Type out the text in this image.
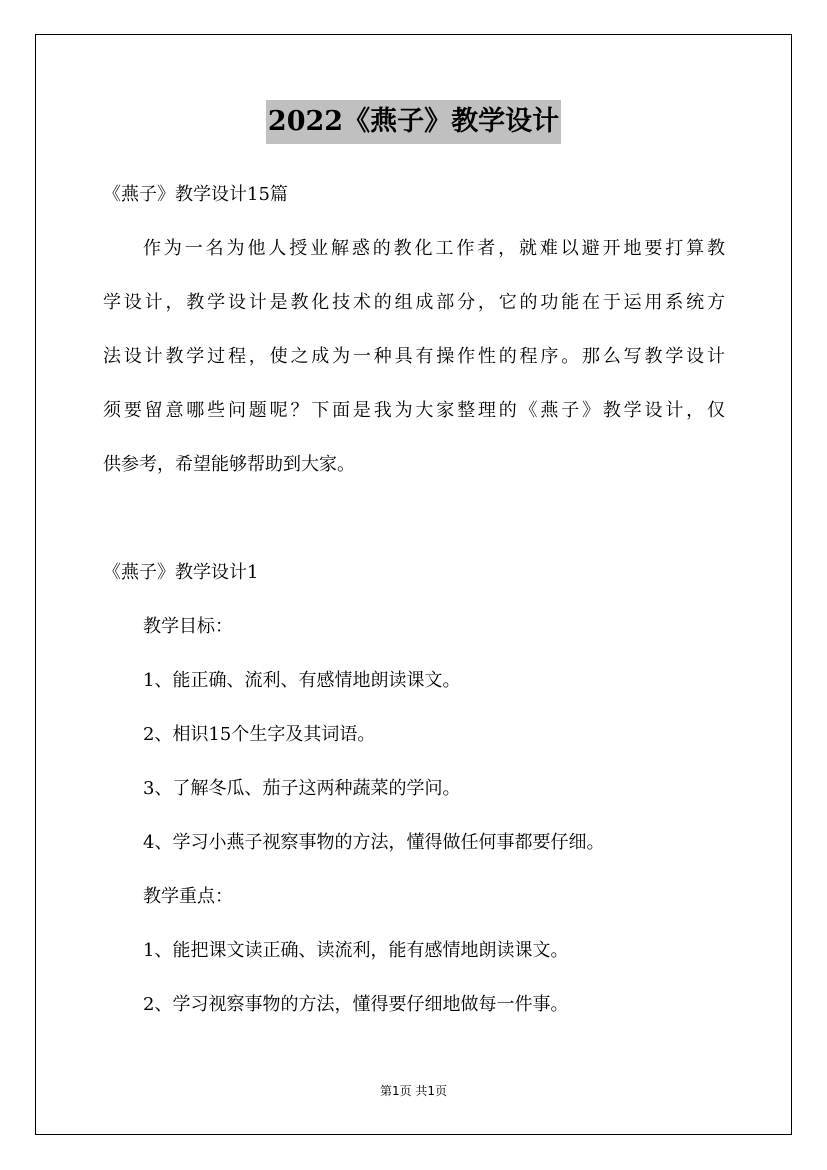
2022《燕子》教学设计
《燕子》教学设计15篇
作为一名为他人授业解惑的教化工作者，就难以避开地要打算教
学设计，教学设计是教化技术的组成部分，它的功能在于运用系统方
法设计教学过程，使之成为一种具有操作性的程序。那么写教学设计
须要留意哪些问题呢？下面是我为大家整理的《燕子》教学设计，仅
供参考，希望能够帮助到大家。
《燕子》教学设计1
教学目标：
1、能正确、流利、有感情地朗读课文。
2、相识15个生字及其词语。
3、了解冬瓜、茄子这两种蔬菜的学问。
4、学习小燕子视察事物的方法，懂得做任何事都要仔细。
教学重点：
1、能把课文读正确、读流利，能有感情地朗读课文。
2、学习视察事物的方法，懂得要仔细地做每一件事。
第1页 共1页
